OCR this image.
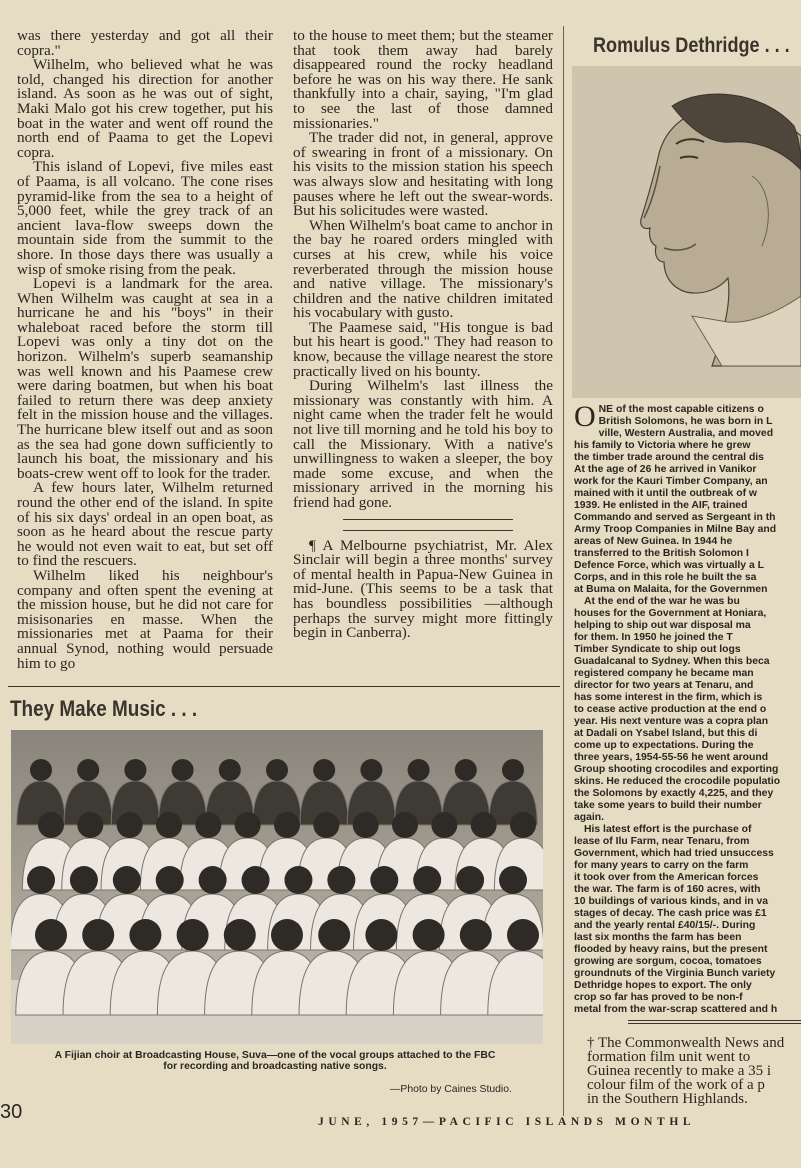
was there yesterday and got all their copra."

Wilhelm, who believed what he was told, changed his direction for another island. As soon as he was out of sight, Maki Malo got his crew together, put his boat in the water and went off round the north end of Paama to get the Lopevi copra.

This island of Lopevi, five miles east of Paama, is all volcano. The cone rises pyramid-like from the sea to a height of 5,000 feet, while the grey track of an ancient lava-flow sweeps down the mountain side from the summit to the shore. In those days there was usually a wisp of smoke rising from the peak.

Lopevi is a landmark for the area. When Wilhelm was caught at sea in a hurricane he and his "boys" in their whaleboat raced before the storm till Lopevi was only a tiny dot on the horizon. Wilhelm's superb seamanship was well known and his Paamese crew were daring boatmen, but when his boat failed to return there was deep anxiety felt in the mission house and the villages. The hurricane blew itself out and as soon as the sea had gone down sufficiently to launch his boat, the missionary and his boats-crew went off to look for the trader.

A few hours later, Wilhelm returned round the other end of the island. In spite of his six days' ordeal in an open boat, as soon as he heard about the rescue party he would not even wait to eat, but set off to find the rescuers.

Wilhelm liked his neighbour's company and often spent the evening at the mission house, but he did not care for misisonaries en masse. When the missionaries met at Paama for their annual Synod, nothing would persuade him to go

to the house to meet them; but the steamer that took them away had barely disappeared round the rocky headland before he was on his way there. He sank thankfully into a chair, saying, "I'm glad to see the last of those damned missionaries."

The trader did not, in general, approve of swearing in front of a missionary. On his visits to the mission station his speech was always slow and hesitating with long pauses where he left out the swear-words. But his solicitudes were wasted.

When Wilhelm's boat came to anchor in the bay he roared orders mingled with curses at his crew, while his voice reverberated through the mission house and native village. The missionary's children and the native children imitated his vocabulary with gusto.

The Paamese said, "His tongue is bad but his heart is good." They had reason to know, because the village nearest the store practically lived on his bounty.

During Wilhelm's last illness the missionary was constantly with him. A night came when the trader felt he would not live till morning and he told his boy to call the Missionary. With a native's unwillingness to waken a sleeper, the boy made some excuse, and when the missionary arrived in the morning his friend had gone.

¶ A Melbourne psychiatrist, Mr. Alex Sinclair will begin a three months' survey of mental health in Papua-New Guinea in mid-June. (This seems to be a task that has boundless possibilities —although perhaps the survey might more fittingly begin in Canberra).

Romulus Dethridge . . .
O NE of the most capable citizens o
British Solomons, he was born in L
ville, Western Australia, and moved
his family to Victoria where he grew
the timber trade around the central dis
At the age of 26 he arrived in Vanikor
work for the Kauri Timber Company, an
mained with it until the outbreak of w
1939. He enlisted in the AIF, trained
Commando and served as Sergeant in th
Army Troop Companies in Milne Bay and
areas of New Guinea. In 1944 he
transferred to the British Solomon I
Defence Force, which was virtually a L
Corps, and in this role he built the sa
at Buma on Malaita, for the Governmen
At the end of the war he was bu
houses for the Government at Honiara,
helping to ship out war disposal ma
for them. In 1950 he joined the T
Timber Syndicate to ship out logs
Guadalcanal to Sydney. When this beca
registered company he became man
director for two years at Tenaru, and
has some interest in the firm, which is
to cease active production at the end o
year. His next venture was a copra plan
at Dadali on Ysabel Island, but this di
come up to expectations. During the
three years, 1954-55-56 he went around
Group shooting crocodiles and exporting
skins. He reduced the crocodile populatio
the Solomons by exactly 4,225, and they
take some years to build their number
again.
His latest effort is the purchase of
lease of Ilu Farm, near Tenaru, from
Government, which had tried unsuccess
for many years to carry on the farm
it took over from the American forces
the war. The farm is of 160 acres, with
10 buildings of various kinds, and in va
stages of decay. The cash price was £1
and the yearly rental £40/15/-. During
last six months the farm has been
flooded by heavy rains, but the present
growing are sorgum, cocoa, tomatoes
groundnuts of the Virginia Bunch variety
Dethridge hopes to export. The only
crop so far has proved to be non-f
metal from the war-scrap scattered and h
They Make Music . . .
A Fijian choir at Broadcasting House, Suva—one of the vocal groups attached to the FBC
for recording and broadcasting native songs.
—Photo by Caines Studio.

† The Commonwealth News and

formation film unit went to

Guinea recently to make a 35 i

colour film of the work of a p

in the Southern Highlands.

30	JUNE, 1957—PACIFIC ISLANDS MONTHL
